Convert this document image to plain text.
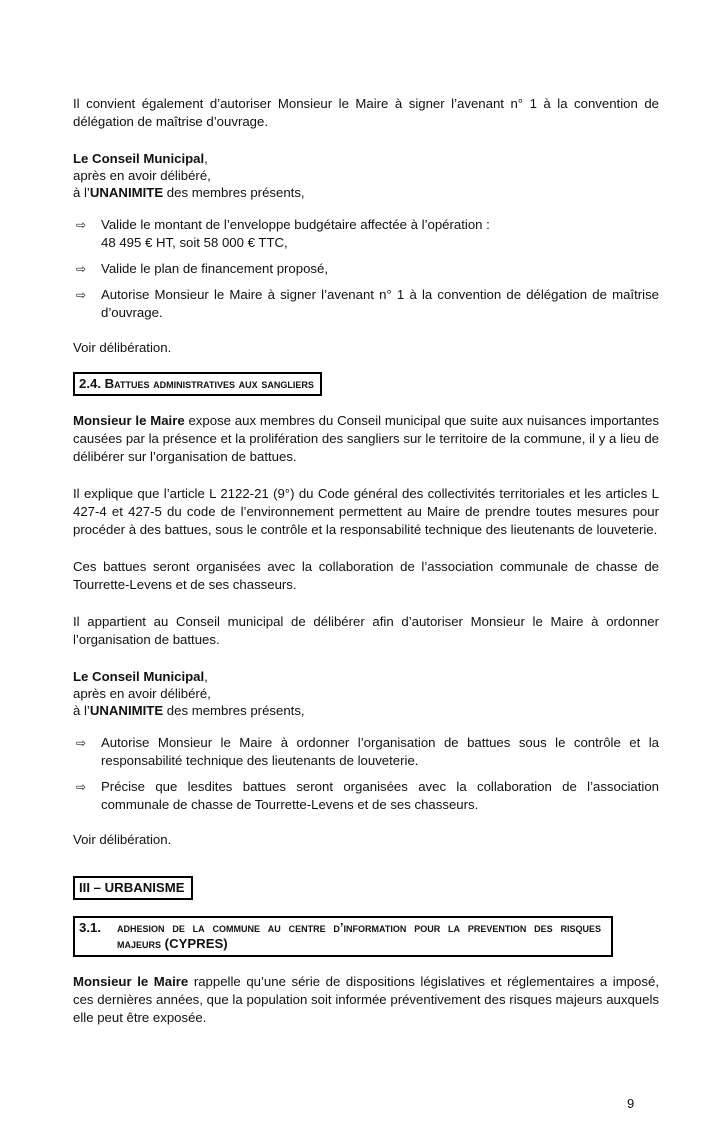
Il convient également d’autoriser Monsieur le Maire à signer l’avenant n° 1 à la convention de délégation de maîtrise d’ouvrage.

Le Conseil Municipal,

après en avoir délibéré,

à l’UNANIMITE des membres présents,

⇨ Valide le montant de l’enveloppe budgétaire affectée à l’opération :
48 495 € HT, soit 58 000 € TTC,
⇨ Valide le plan de financement proposé,
⇨ Autorise Monsieur le Maire à signer l’avenant n° 1 à la convention de délégation de maîtrise d’ouvrage.

Voir délibération.

2.4. Battues administratives aux sangliers

Monsieur le Maire expose aux membres du Conseil municipal que suite aux nuisances importantes causées par la présence et la prolifération des sangliers sur le territoire de la commune, il y a lieu de délibérer sur l’organisation de battues.

Il explique que l’article L 2122-21 (9°) du Code général des collectivités territoriales et les articles L 427-4 et 427-5 du code de l’environnement permettent au Maire de prendre toutes mesures pour procéder à des battues, sous le contrôle et la responsabilité technique des lieutenants de louveterie.

Ces battues seront organisées avec la collaboration de l’association communale de chasse de Tourrette-Levens et de ses chasseurs.

Il appartient au Conseil municipal de délibérer afin d’autoriser Monsieur le Maire à ordonner l’organisation de battues.

Le Conseil Municipal,

après en avoir délibéré,

à l’UNANIMITE des membres présents,

⇨ Autorise Monsieur le Maire à ordonner l’organisation de battues sous le contrôle et la responsabilité technique des lieutenants de louveterie.
⇨ Précise que lesdites battues seront organisées avec la collaboration de l’association communale de chasse de Tourrette-Levens et de ses chasseurs.

Voir délibération.

III – URBANISME
3.1. adhesion de la commune au centre d’information pour la prevention des risques majeurs (CYPRES)

Monsieur le Maire rappelle qu’une série de dispositions législatives et réglementaires a imposé, ces dernières années, que la population soit informée préventivement des risques majeurs auxquels elle peut être exposée.

9
